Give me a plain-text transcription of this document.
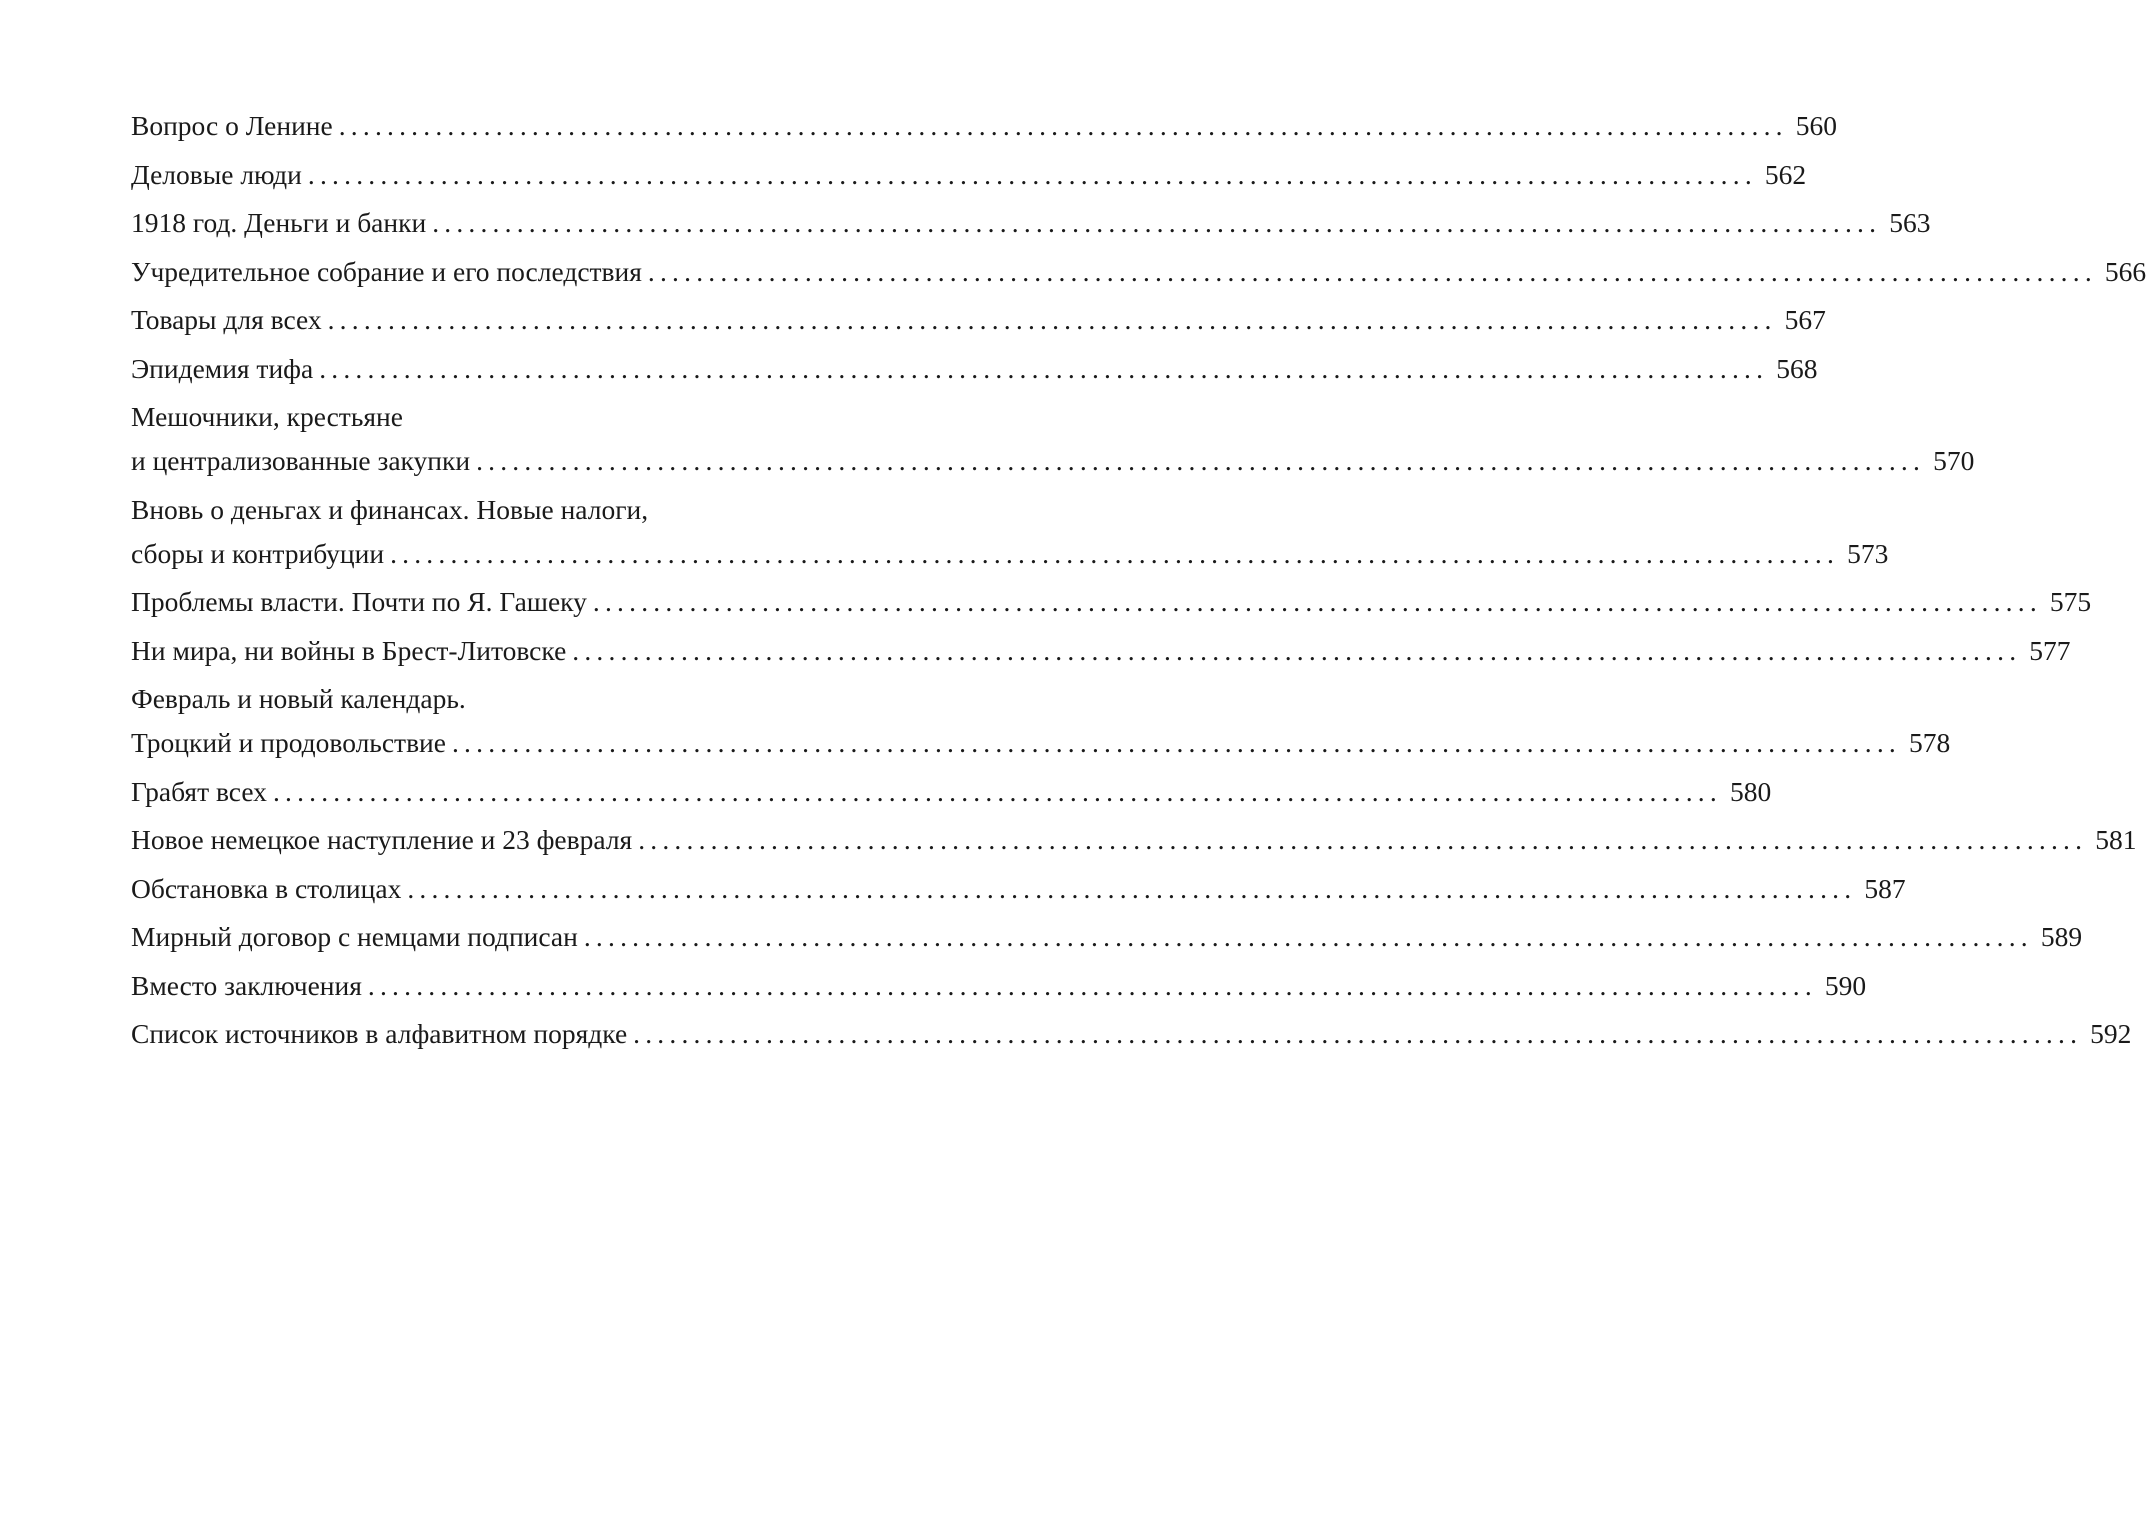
Вопрос о Ленине ........................................................................................................................ 560
Деловые люди ........................................................................................................................ 562
1918 год. Деньги и банки ........................................................................................................................ 563
Учредительное собрание и его последствия ........................................................................................................................ 566
Товары для всех ........................................................................................................................ 567
Эпидемия тифа ........................................................................................................................ 568
Мешочники, крестьяне
и централизованные закупки ........................................................................................................................ 570
Вновь о деньгах и финансах. Новые налоги,
сборы и контрибуции ........................................................................................................................ 573
Проблемы власти. Почти по Я. Гашеку ........................................................................................................................ 575
Ни мира, ни войны в Брест-Литовске ........................................................................................................................ 577
Февраль и новый календарь.
Троцкий и продовольствие ........................................................................................................................ 578
Грабят всех ........................................................................................................................ 580
Новое немецкое наступление и 23 февраля ........................................................................................................................ 581
Обстановка в столицах ........................................................................................................................ 587
Мирный договор с немцами подписан ........................................................................................................................ 589
Вместо заключения ........................................................................................................................ 590
Список источников в алфавитном порядке ........................................................................................................................ 592
